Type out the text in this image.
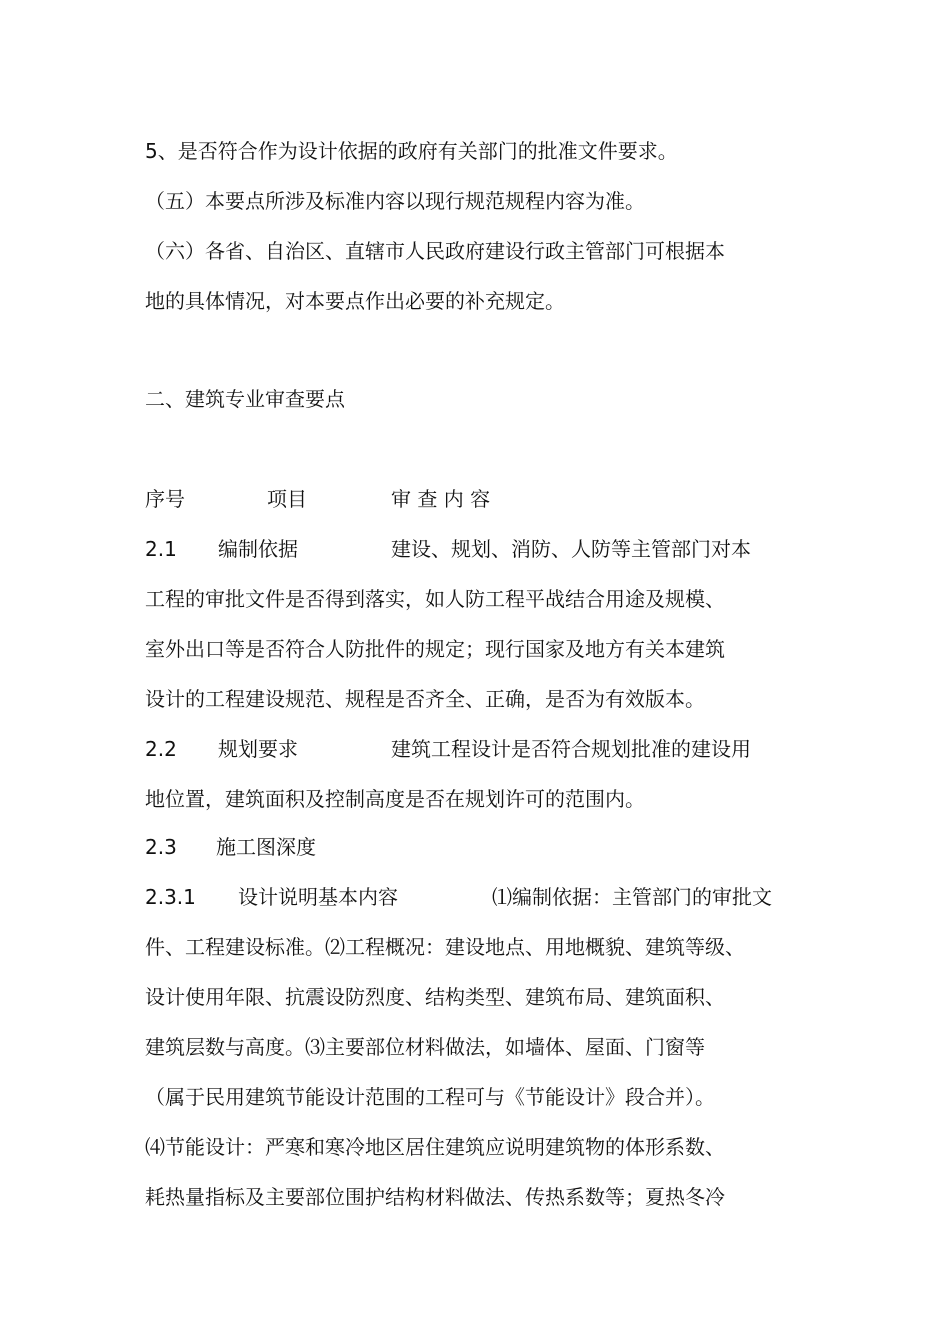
5、是否符合作为设计依据的政府有关部门的批准文件要求。
（五）本要点所涉及标准内容以现行规范规程内容为准。
（六）各省、自治区、直辖市人民政府建设行政主管部门可根据本
地的具体情况，对本要点作出必要的补充规定。
二、建筑专业审查要点
序号	项目	审 查 内 容
2.1 编制依据	建设、规划、消防、人防等主管部门对本
工程的审批文件是否得到落实，如人防工程平战结合用途及规模、
室外出口等是否符合人防批件的规定；现行国家及地方有关本建筑
设计的工程建设规范、规程是否齐全、正确，是否为有效版本。
2.2 规划要求	建筑工程设计是否符合规划批准的建设用
地位置，建筑面积及控制高度是否在规划许可的范围内。
2.3 施工图深度
2.3.1 设计说明基本内容	⑴编制依据：主管部门的审批文
件、工程建设标准。⑵工程概况：建设地点、用地概貌、建筑等级、
设计使用年限、抗震设防烈度、结构类型、建筑布局、建筑面积、
建筑层数与高度。⑶主要部位材料做法，如墙体、屋面、门窗等
（属于民用建筑节能设计范围的工程可与《节能设计》段合并）。
⑷节能设计：严寒和寒冷地区居住建筑应说明建筑物的体形系数、
耗热量指标及主要部位围护结构材料做法、传热系数等；夏热冬冷
